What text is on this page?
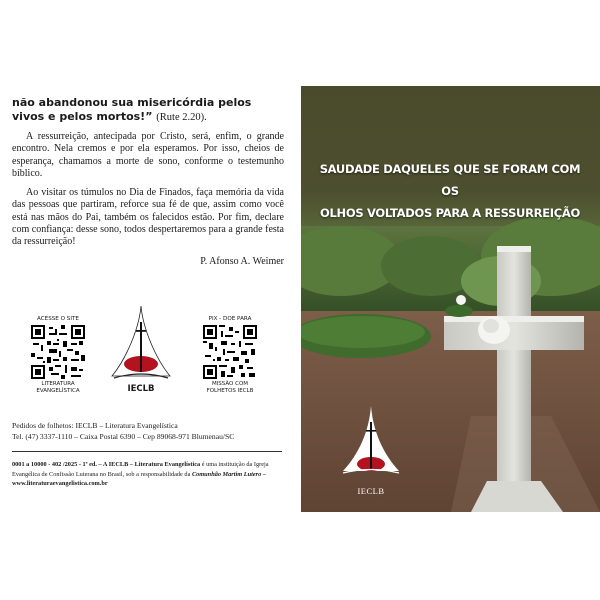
não abandonou sua misericórdia pelos vivos e pelos mortos!” (Rute 2.20).

A ressurreição, antecipada por Cristo, será, enfim, o grande encontro. Nela cremos e por ela esperamos. Por isso, cheios de esperança, chamamos a morte de sono, conforme o testemunho bíblico.

Ao visitar os túmulos no Dia de Finados, faça memória da vida das pessoas que partiram, reforce sua fé de que, assim como você está nas mãos do Pai, também os falecidos estão. Por fim, declare com confiança: desse sono, todos despertaremos para a grande festa da ressurreição!

P. Afonso A. Weimer
ACESSE O SITE
LITERATURA
EVANGELÍSTICA	IECLB
PIX - DOE PARA
MISSÃO COM
FOLHETOS IECLB
Pedidos de folhetos: IECLB – Literatura Evangelística
Tel. (47) 3337-1110 – Caixa Postal 6390 – Cep 89068-971 Blumenau/SC
0001 a 10000 - 402 /2025 - 1ª ed. – A IECLB – Literatura Evangelística é uma instituição da Igreja Evangélica de Confissão Luterana no Brasil, sob a responsabilidade da Comunhão Martim Lutero – www.literaturaevangelistica.com.br
SAUDADE DAQUELES QUE SE FORAM COM OS
OLHOS VOLTADOS PARA A RESSURREIÇÃO
IECLB
